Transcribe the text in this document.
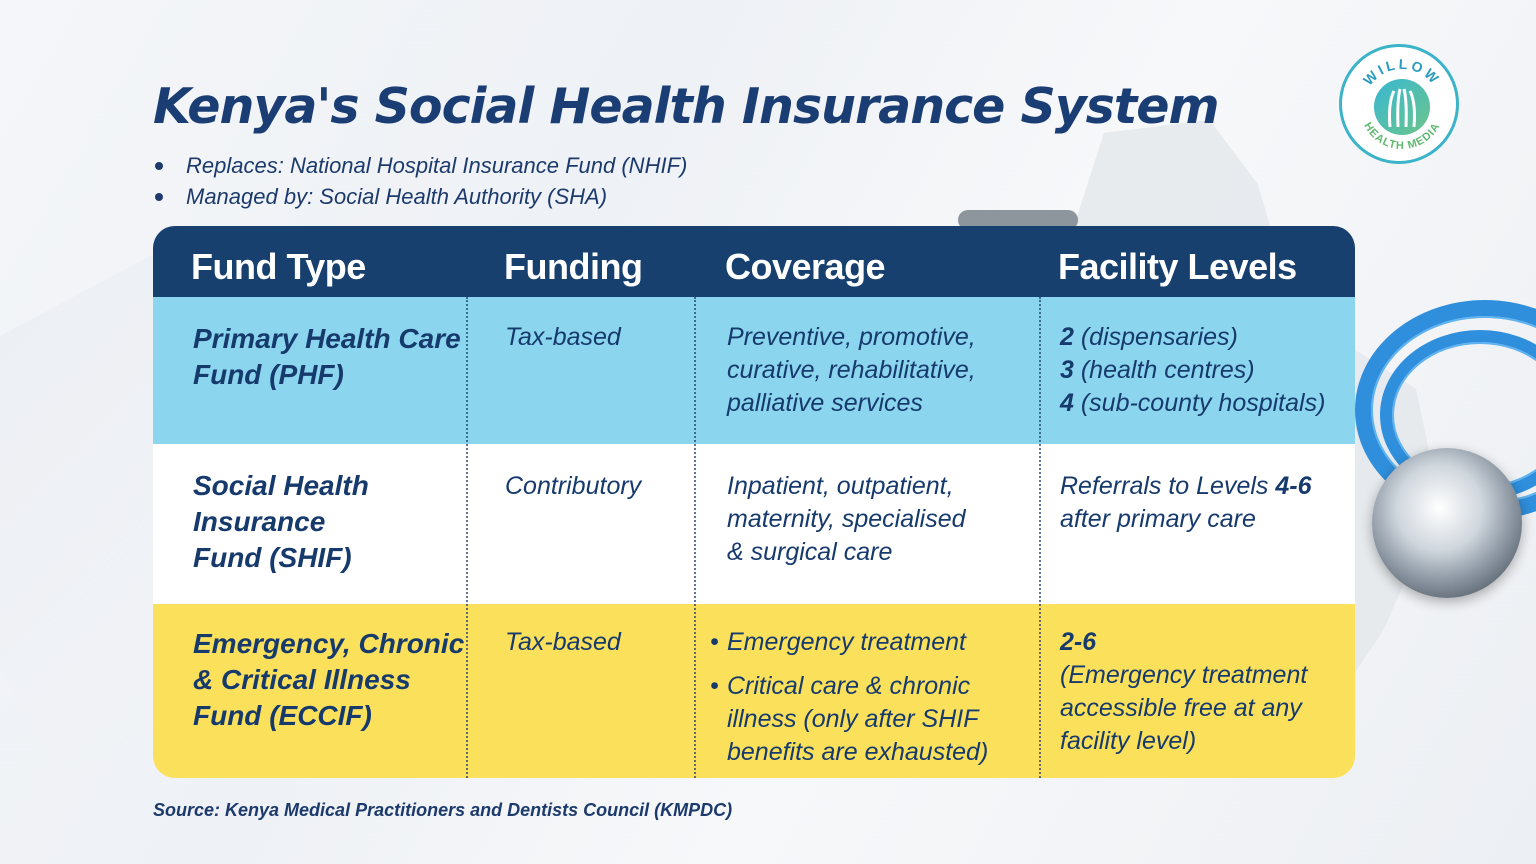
Kenya's Social Health Insurance System
Replaces: National Hospital Insurance Fund (NHIF)
Managed by: Social Health Authority (SHA)
Fund Type	Funding Coverage	Facility Levels
Primary Health Care
Fund (PHF)
Tax-based	Preventive, promotive,
curative, rehabilitative,
palliative services
2 (dispensaries)
3 (health centres)
4 (sub-county hospitals)
Social Health
Insurance
Fund (SHIF)
Contributory	Inpatient, outpatient,
maternity, specialised
& surgical care
Referrals to Levels 4-6
after primary care
Emergency, Chronic
& Critical Illness
Fund (ECCIF)
Tax-based
•	Emergency treatment
• Critical care & chronic
illness (only after SHIF
benefits are exhausted)
2-6
(Emergency treatment
accessible free at any
facility level)
Source: Kenya Medical Practitioners and Dentists Council (KMPDC)
WILLOW
HEALTH MEDIA
